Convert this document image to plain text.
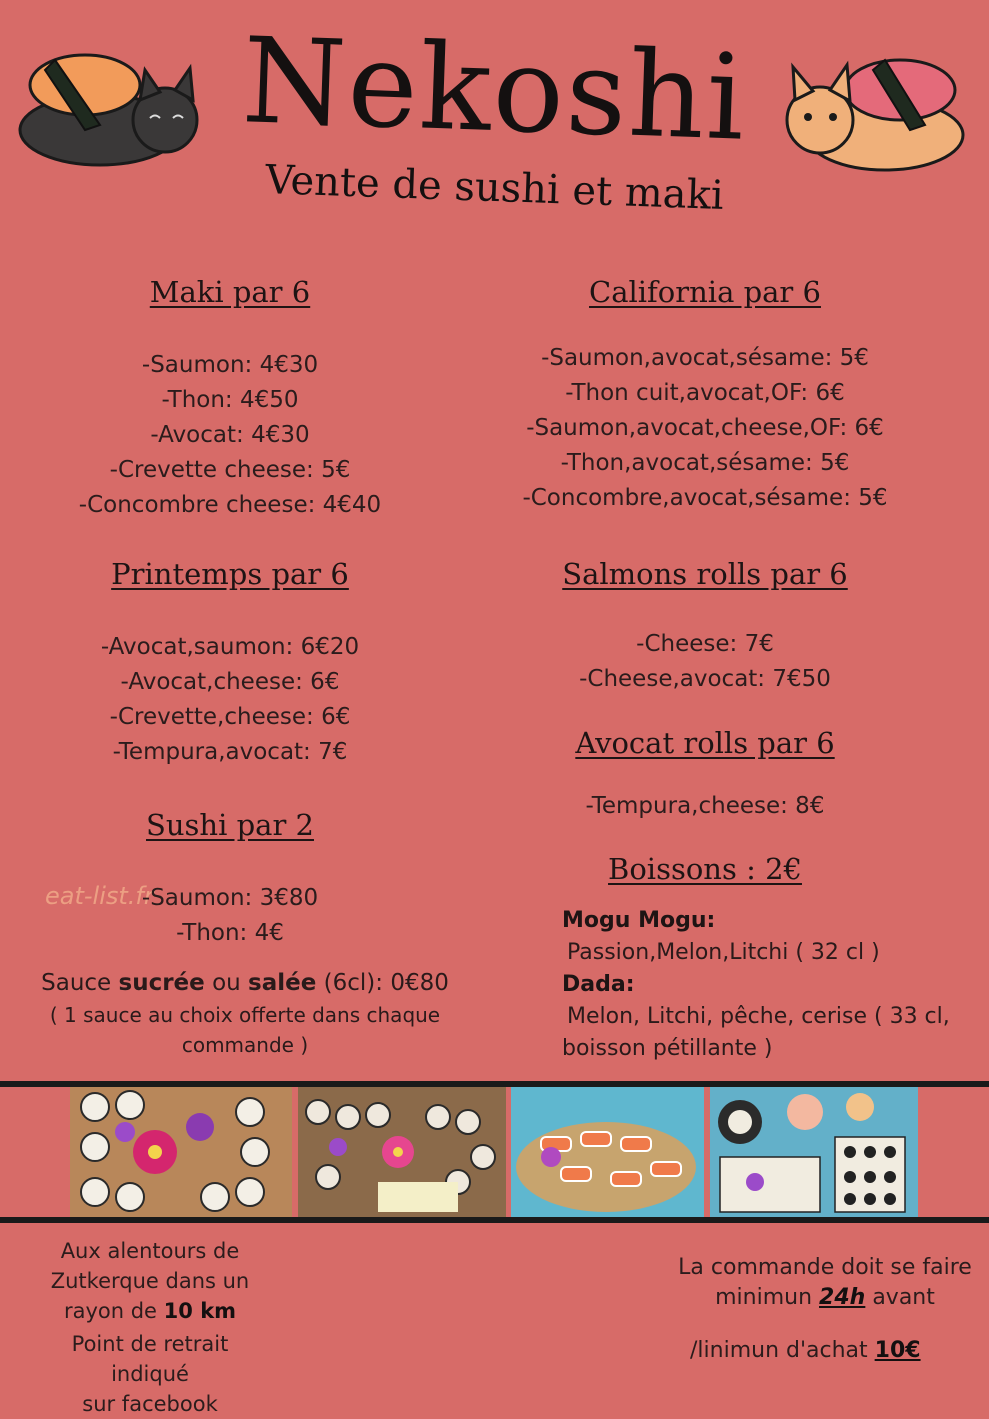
Nekoshi
Vente de sushi et maki
Maki par 6
-Saumon: 4€30
-Thon: 4€50
-Avocat: 4€30
-Crevette cheese: 5€
-Concombre cheese: 4€40
Printemps par 6
-Avocat,saumon: 6€20
-Avocat,cheese: 6€
-Crevette,cheese: 6€
-Tempura,avocat: 7€
Sushi par 2
eat-list.fr
-Saumon: 3€80
-Thon: 4€
Sauce sucrée ou salée (6cl): 0€80
( 1 sauce au choix offerte dans chaque
commande )
California par 6
-Saumon,avocat,sésame: 5€
-Thon cuit,avocat,OF: 6€
-Saumon,avocat,cheese,OF: 6€
-Thon,avocat,sésame: 5€
-Concombre,avocat,sésame: 5€
Salmons rolls par 6
-Cheese: 7€
-Cheese,avocat: 7€50
Avocat rolls par 6
-Tempura,cheese: 8€
Boissons : 2€
Mogu Mogu:
Passion,Melon,Litchi ( 32 cl )
Dada:
Melon, Litchi, pêche, cerise ( 33 cl,
boisson pétillante )
Aux alentours de
Zutkerque dans un
rayon de 10 km
Point de retrait indiqué
sur facebook
La commande doit se faire
minimun 24h avant
/linimun d'achat 10€
